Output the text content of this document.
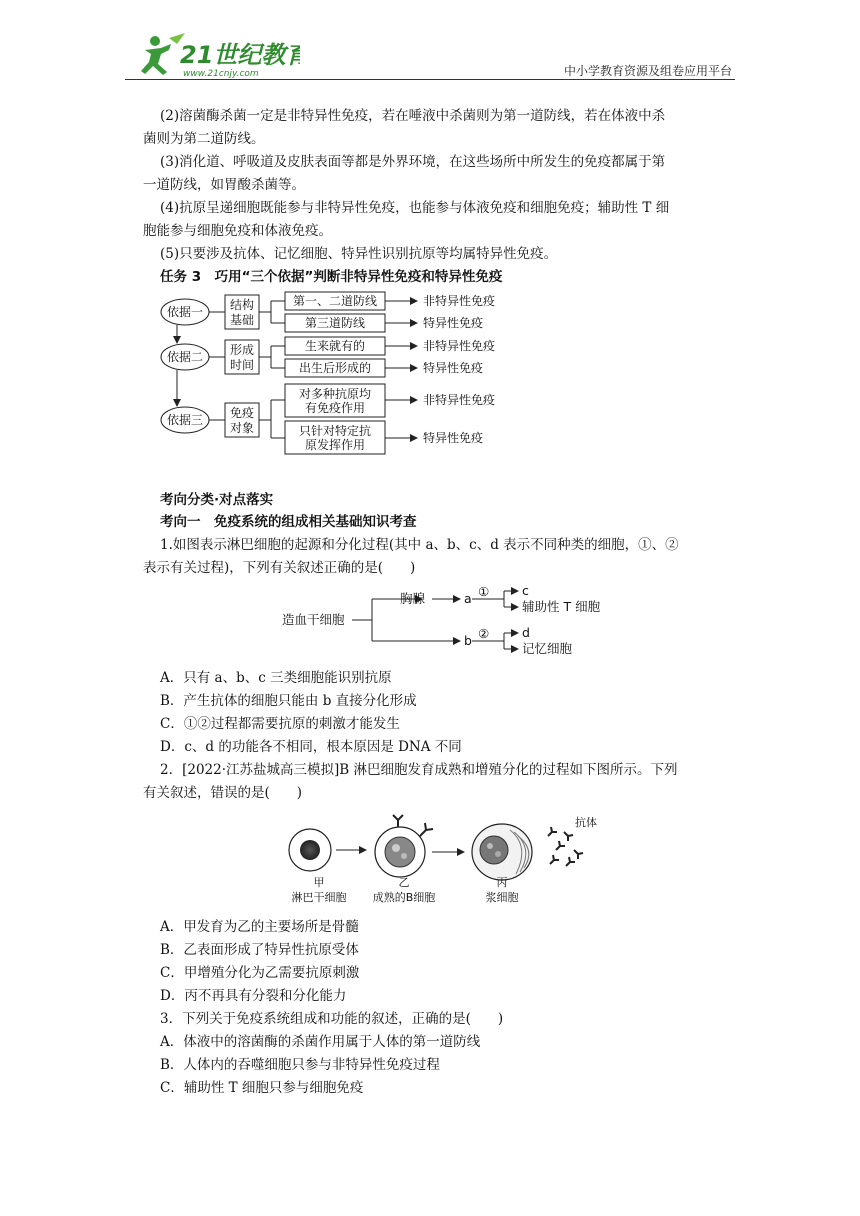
21世纪教育
www.21cnjy.com	中小学教育资源及组卷应用平台
(2)溶菌酶杀菌一定是非特异性免疫，若在唾液中杀菌则为第一道防线，若在体液中杀
菌则为第二道防线。
(3)消化道、呼吸道及皮肤表面等都是外界环境，在这些场所中所发生的免疫都属于第
一道防线，如胃酸杀菌等。
(4)抗原呈递细胞既能参与非特异性免疫，也能参与体液免疫和细胞免疫；辅助性 T 细
胞能参与细胞免疫和体液免疫。
(5)只要涉及抗体、记忆细胞、特异性识别抗原等均属特异性免疫。
任务 3　巧用“三个依据”判断非特异性免疫和特异性免疫
依据一
依据二
依据三
结构
基础
形成
时间
免疫
对象
第一、二道防线
第三道防线
生来就有的
出生后形成的
对多种抗原均
有免疫作用
只针对特定抗
原发挥作用
非特异性免疫
特异性免疫
非特异性免疫
特异性免疫
非特异性免疫
特异性免疫
考向分类·对点落实
考向一　免疫系统的组成相关基础知识考查
1.如图表示淋巴细胞的起源和分化过程(其中 a、b、c、d 表示不同种类的细胞，①、②
表示有关过程)，下列有关叙述正确的是(　　)
造血干细胞
胸腺	a
b
①
②
c
辅助性 T 细胞
d
记忆细胞
A．只有 a、b、c 三类细胞能识别抗原
B．产生抗体的细胞只能由 b 直接分化形成
C．①②过程都需要抗原的刺激才能发生
D．c、d 的功能各不相同，根本原因是 DNA 不同
2．[2022·江苏盐城高三模拟]B 淋巴细胞发育成熟和增殖分化的过程如下图所示。下列
有关叙述，错误的是(　　)
甲
淋巴干细胞
乙
成熟的B细胞
丙
浆细胞
抗体
A．甲发育为乙的主要场所是骨髓
B．乙表面形成了特异性抗原受体
C．甲增殖分化为乙需要抗原刺激
D．丙不再具有分裂和分化能力
3．下列关于免疫系统组成和功能的叙述，正确的是(　　)
A．体液中的溶菌酶的杀菌作用属于人体的第一道防线
B．人体内的吞噬细胞只参与非特异性免疫过程
C．辅助性 T 细胞只参与细胞免疫
